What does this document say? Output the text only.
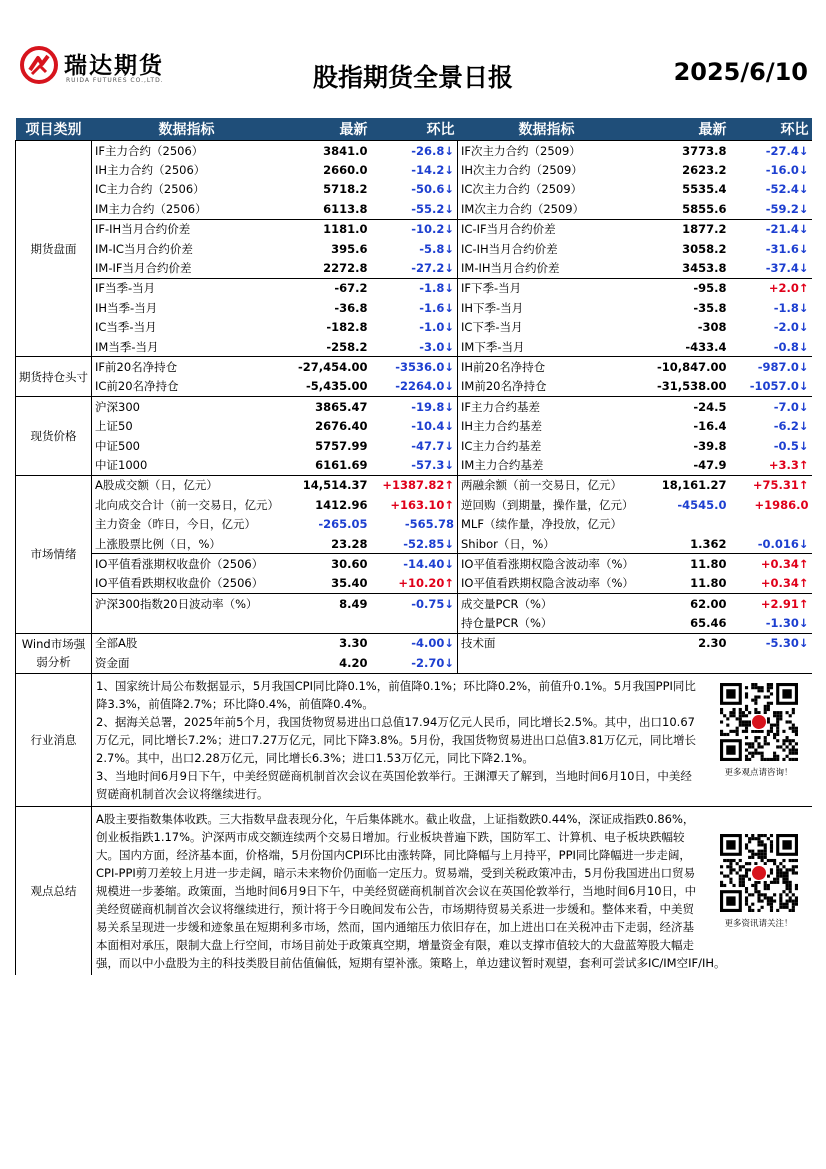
瑞达期货
RUIDA FUTURES CO.,LTD.	股指期货全景日报	2025/6/10
项目类别	数据指标	最新	环比	数据指标	最新	环比
期货盘面	IF主力合约（2506）	3841.0	-26.8↓	IF次主力合约（2509）	3773.8	-27.4↓
	IH主力合约（2506）	2660.0	-14.2↓	IH次主力合约（2509）	2623.2	-16.0↓
	IC主力合约（2506）	5718.2	-50.6↓	IC次主力合约（2509）	5535.4	-52.4↓
	IM主力合约（2506）	6113.8	-55.2↓	IM次主力合约（2509）	5855.6	-59.2↓
	IF-IH当月合约价差	1181.0	-10.2↓	IC-IF当月合约价差	1877.2	-21.4↓
	IM-IC当月合约价差	395.6	-5.8↓	IC-IH当月合约价差	3058.2	-31.6↓
	IM-IF当月合约价差	2272.8	-27.2↓	IM-IH当月合约价差	3453.8	-37.4↓
	IF当季-当月	-67.2	-1.8↓	IF下季-当月	-95.8	+2.0↑
	IH当季-当月	-36.8	-1.6↓	IH下季-当月	-35.8	-1.8↓
	IC当季-当月	-182.8	-1.0↓	IC下季-当月	-308	-2.0↓
	IM当季-当月	-258.2	-3.0↓	IM下季-当月	-433.4	-0.8↓
期货持仓头寸	IF前20名净持仓	-27,454.00	-3536.0↓	IH前20名净持仓	-10,847.00	-987.0↓
	IC前20名净持仓	-5,435.00	-2264.0↓	IM前20名净持仓	-31,538.00	-1057.0↓
现货价格	沪深300	3865.47	-19.8↓	IF主力合约基差	-24.5	-7.0↓
	上证50	2676.40	-10.4↓	IH主力合约基差	-16.4	-6.2↓
	中证500	5757.99	-47.7↓	IC主力合约基差	-39.8	-0.5↓
	中证1000	6161.69	-57.3↓	IM主力合约基差	-47.9	+3.3↑
市场情绪	A股成交额（日，亿元）	14,514.37	+1387.82↑	两融余额（前一交易日，亿元）	18,161.27	+75.31↑
	北向成交合计（前一交易日，亿元）	1412.96	+163.10↑	逆回购（到期量，操作量，亿元）	-4545.0	+1986.0
	主力资金（昨日，今日，亿元）	-265.05	-565.78	MLF（续作量，净投放，亿元）		
	上涨股票比例（日，%）	23.28	-52.85↓	Shibor（日，%）	1.362	-0.016↓
	IO平值看涨期权收盘价（2506）	30.60	-14.40↓	IO平值看涨期权隐含波动率（%）	11.80	+0.34↑
	IO平值看跌期权收盘价（2506）	35.40	+10.20↑	IO平值看跌期权隐含波动率（%）	11.80	+0.34↑
	沪深300指数20日波动率（%）	8.49	-0.75↓	成交量PCR（%）	62.00	+2.91↑
				持仓量PCR（%）	65.46	-1.30↓
Wind市场强弱分析	全部A股	3.30	-4.00↓	技术面	2.30	-5.30↓
	资金面	4.20	-2.70↓			
行业消息	更多观点请咨询！
1、国家统计局公布数据显示，5月我国CPI同比降0.1%，前值降0.1%；环比降0.2%，前值升0.1%。5月我国PPI同比降3.3%，前值降2.7%；环比降0.4%，前值降0.4%。
2、据海关总署，2025年前5个月，我国货物贸易进出口总值17.94万亿元人民币，同比增长2.5%。其中，出口10.67万亿元，同比增长7.2%；进口7.27万亿元，同比下降3.8%。5月份，我国货物贸易进出口总值3.81万亿元，同比增长2.7%。其中，出口2.28万亿元，同比增长6.3%；进口1.53万亿元，同比下降2.1%。
3、当地时间6月9日下午，中美经贸磋商机制首次会议在英国伦敦举行。王渊潭天了解到，当地时间6月10日，中美经贸磋商机制首次会议将继续进行。					

观点总结	更多资讯请关注！
A股主要指数集体收跌。三大指数早盘表现分化，午后集体跳水。截止收盘，上证指数跌0.44%，深证成指跌0.86%，创业板指跌1.17%。沪深两市成交额连续两个交易日增加。行业板块普遍下跌，国防军工、计算机、电子板块跌幅较大。国内方面，经济基本面，价格端，5月份国内CPI环比由涨转降，同比降幅与上月持平，PPI同比降幅进一步走阔，CPI-PPI剪刀差较上月进一步走阔，暗示未来物价仍面临一定压力。贸易端，受到关税政策冲击，5月份我国进出口贸易规模进一步萎缩。政策面，当地时间6月9日下午，中美经贸磋商机制首次会议在英国伦敦举行，当地时间6月10日，中美经贸磋商机制首次会议将继续进行，预计将于今日晚间发布公告，市场期待贸易关系进一步缓和。整体来看，中美贸易关系呈现进一步缓和迹象虽在短期利多市场，然而，国内通缩压力依旧存在，加上进出口在关税冲击下走弱，经济基本面相对承压，限制大盘上行空间，市场目前处于政策真空期，增量资金有限，难以支撑市值较大的大盘蓝筹股大幅走强，而以中小盘股为主的科技类股目前估值偏低，短期有望补涨。策略上，单边建议暂时观望，套利可尝试多IC/IM空IF/IH。					
